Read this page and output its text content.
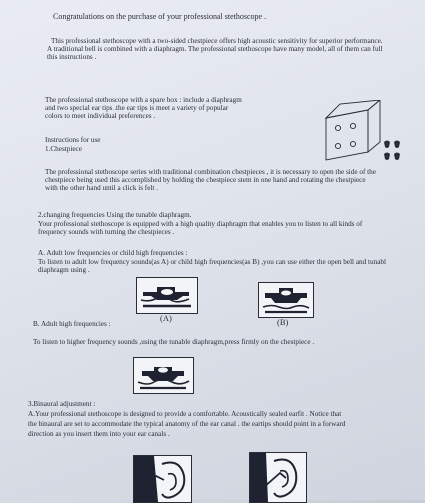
Congratulations on the purchase of your professional stethoscope .
This professional stethoscope with a two-sided chestpiece offers high acoustic sensitivity for superior performance.
A traditional bell is combined with a diaphragm. The professional stethoscope have many model, all of them can full
this instructions .
The professional stethoscope with a spare box : include a diaphragm
and two special ear tips .the ear tips is meet a variety of popular
colors to meet individual preferences .
Instructions for use
1.Chestpiece
The professional stethoscope series with traditional combination chestpieces , it is necessary to open the side of the
chestpiece being used this accomplished by holding the chestpiece stem in one hand and rotating the chestpiece
with the other hand until a click is felt .
2.changing frequencies Using the tunable diaphragm.
Your professional stethoscope is equipped with a high quality diaphragm that enables you to listen to all kinds of
frequency sounds with turning the chestpieces .
A. Adult low frequencies or child high frequencies :
To listen to adult low frequency sounds(as A) or child high frequencies(as B) ,you can use either the open bell and tunabl
diaphragm using .
(A)	(B)
B. Adult high frequencies :
To listen to higher frequency sounds ,using the tunable diaphragm,press firmly on the chestpiece .
3.Binaural adjustment :
A.Your professional stethoscope is designed to provide a comfortable. Acoustically sealed earfit . Notice that
the binaural are set to accommodate the typical anatomy of the ear canal . the eartips should point in a forward
direction as you insert them into your ear canals .
